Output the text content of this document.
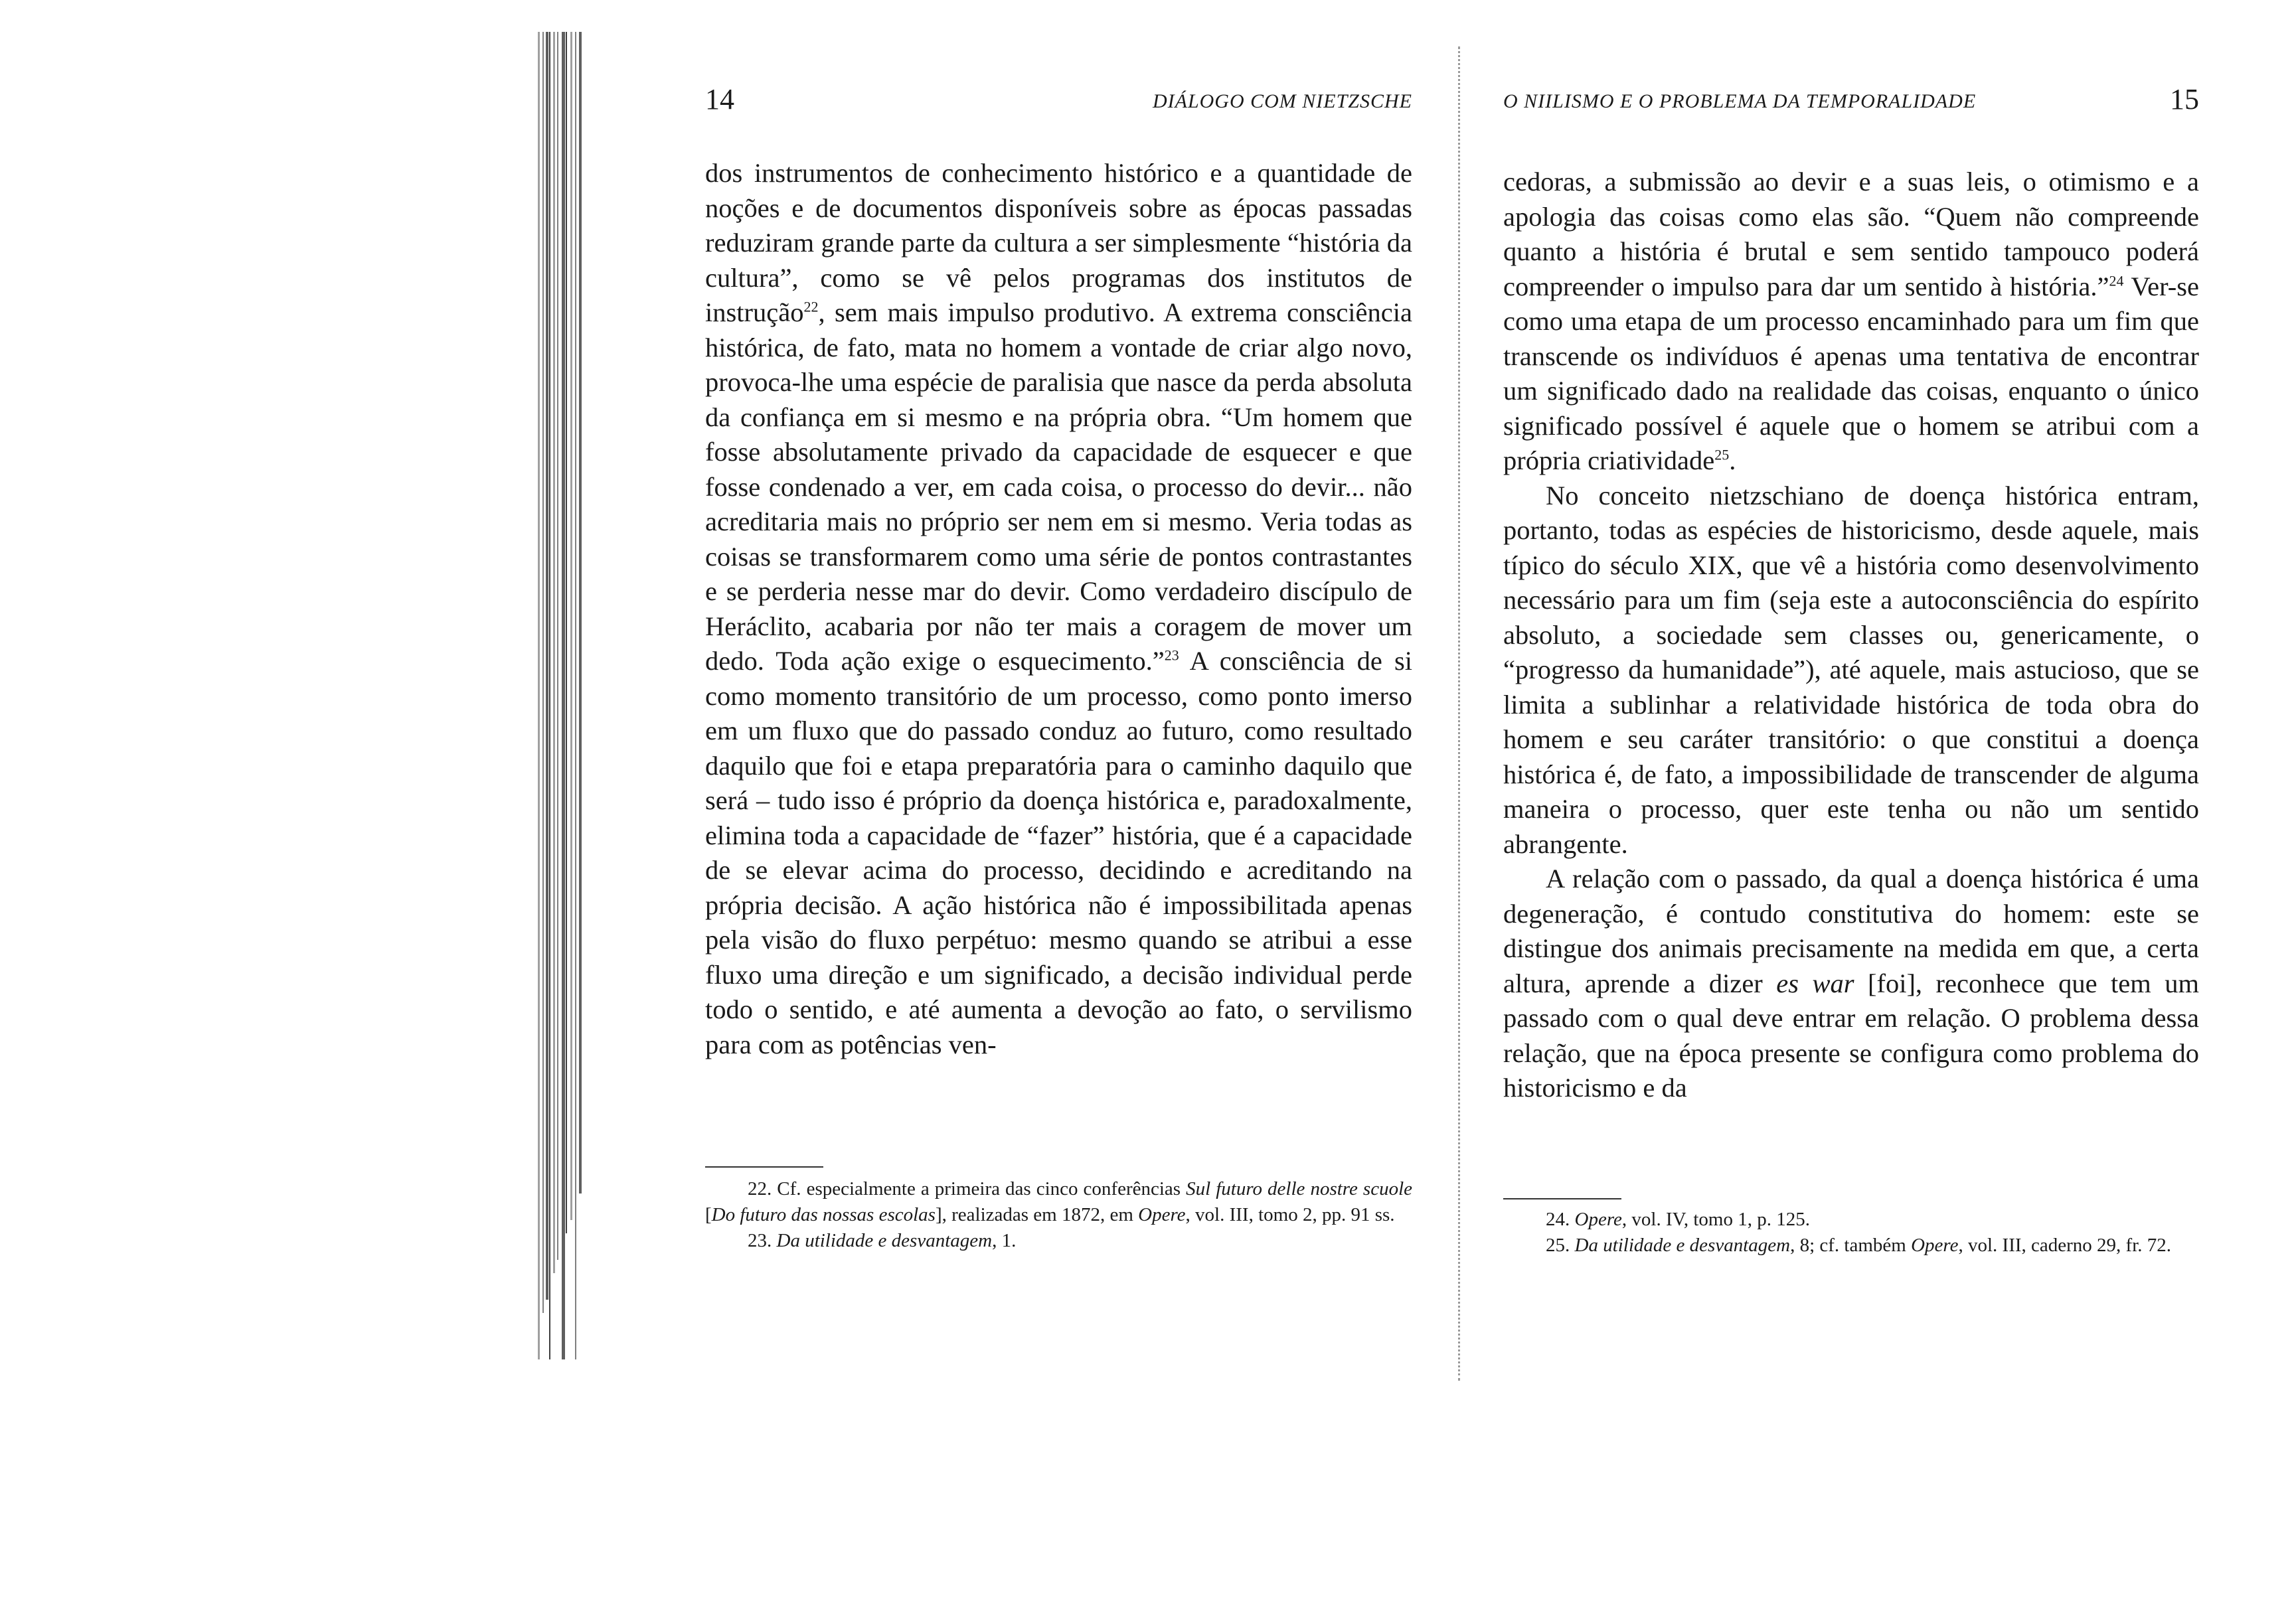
14	DIÁLOGO COM NIETZSCHE

dos instrumentos de conhecimento histórico e a quantidade de noções e de documentos disponíveis sobre as épocas passadas reduziram grande parte da cultura a ser simplesmente “história da cultura”, como se vê pelos programas dos institutos de instrução$^{22}$, sem mais impulso produtivo. A extrema consciência histórica, de fato, mata no homem a vontade de criar algo novo, provoca-lhe uma espécie de paralisia que nasce da perda absoluta da confiança em si mesmo e na própria obra. “Um homem que fosse absolutamente privado da capacidade de esquecer e que fosse condenado a ver, em cada coisa, o processo do devir... não acreditaria mais no próprio ser nem em si mesmo. Veria todas as coisas se transformarem como uma série de pontos contrastantes e se perderia nesse mar do devir. Como verdadeiro discípulo de Heráclito, acabaria por não ter mais a coragem de mover um dedo. Toda ação exige o esquecimento.”$^{23}$ A consciência de si como momento transitório de um processo, como ponto imerso em um fluxo que do passado conduz ao futuro, como resultado daquilo que foi e etapa preparatória para o caminho daquilo que será – tudo isso é próprio da doença histórica e, paradoxalmente, elimina toda a capacidade de “fazer” história, que é a capacidade de se elevar acima do processo, decidindo e acreditando na própria decisão. A ação histórica não é impossibilitada apenas pela visão do fluxo perpétuo: mesmo quando se atribui a esse fluxo uma direção e um significado, a decisão individual perde todo o sentido, e até aumenta a devoção ao fato, o servilismo para com as potências ven-

22. Cf. especialmente a primeira das cinco conferências Sul futuro delle nostre scuole [Do futuro das nossas escolas], realizadas em 1872, em Opere, vol. III, tomo 2, pp. 91 ss.

23. Da utilidade e desvantagem, 1.

O NIILISMO E O PROBLEMA DA TEMPORALIDADE	15

cedoras, a submissão ao devir e a suas leis, o otimismo e a apologia das coisas como elas são. “Quem não compreende quanto a história é brutal e sem sentido tampouco poderá compreender o impulso para dar um sentido à história.”$^{24}$ Ver-se como uma etapa de um processo encaminhado para um fim que transcende os indivíduos é apenas uma tentativa de encontrar um significado dado na realidade das coisas, enquanto o único significado possível é aquele que o homem se atribui com a própria criatividade$^{25}$.

No conceito nietzschiano de doença histórica entram, portanto, todas as espécies de historicismo, desde aquele, mais típico do século XIX, que vê a história como desenvolvimento necessário para um fim (seja este a autoconsciência do espírito absoluto, a sociedade sem classes ou, genericamente, o “progresso da humanidade”), até aquele, mais astucioso, que se limita a sublinhar a relatividade histórica de toda obra do homem e seu caráter transitório: o que constitui a doença histórica é, de fato, a impossibilidade de transcender de alguma maneira o processo, quer este tenha ou não um sentido abrangente.

A relação com o passado, da qual a doença histórica é uma degeneração, é contudo constitutiva do homem: este se distingue dos animais precisamente na medida em que, a certa altura, aprende a dizer es war [foi], reconhece que tem um passado com o qual deve entrar em relação. O problema dessa relação, que na época presente se configura como problema do historicismo e da

24. Opere, vol. IV, tomo 1, p. 125.

25. Da utilidade e desvantagem, 8; cf. também Opere, vol. III, caderno 29, fr. 72.
